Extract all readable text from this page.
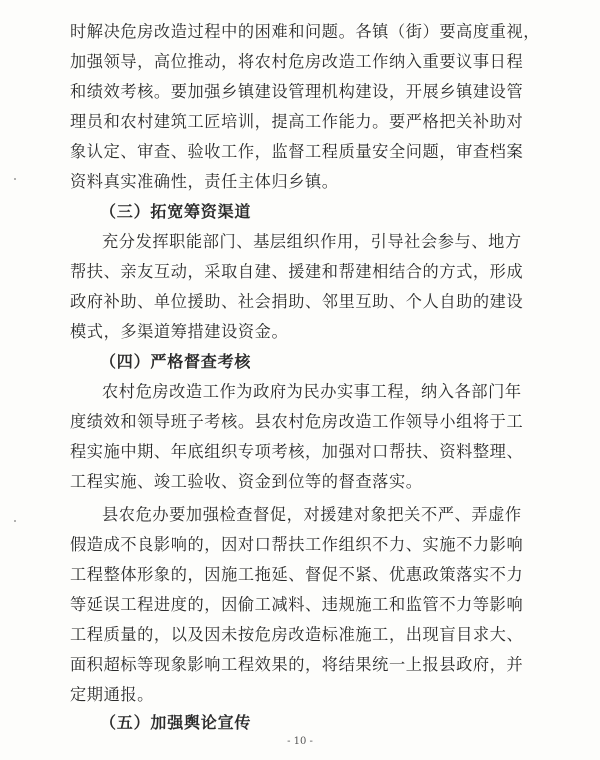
时解决危房改造过程中的困难和问题。各镇（街）要高度重视，
加强领导，高位推动，将农村危房改造工作纳入重要议事日程
和绩效考核。要加强乡镇建设管理机构建设，开展乡镇建设管
理员和农村建筑工匠培训，提高工作能力。要严格把关补助对
象认定、审查、验收工作，监督工程质量安全问题，审查档案
资料真实准确性，责任主体归乡镇。
（三）拓宽筹资渠道
充分发挥职能部门、基层组织作用，引导社会参与、地方
帮扶、亲友互动，采取自建、援建和帮建相结合的方式，形成
政府补助、单位援助、社会捐助、邻里互助、个人自助的建设
模式，多渠道筹措建设资金。
（四）严格督查考核
农村危房改造工作为政府为民办实事工程，纳入各部门年
度绩效和领导班子考核。县农村危房改造工作领导小组将于工
程实施中期、年底组织专项考核，加强对口帮扶、资料整理、
工程实施、竣工验收、资金到位等的督查落实。
县农危办要加强检查督促，对援建对象把关不严、弄虚作
假造成不良影响的，因对口帮扶工作组织不力、实施不力影响
工程整体形象的，因施工拖延、督促不紧、优惠政策落实不力
等延误工程进度的，因偷工减料、违规施工和监管不力等影响
工程质量的，以及因未按危房改造标准施工，出现盲目求大、
面积超标等现象影响工程效果的，将结果统一上报县政府，并
定期通报。
（五）加强舆论宣传
- 10 -
